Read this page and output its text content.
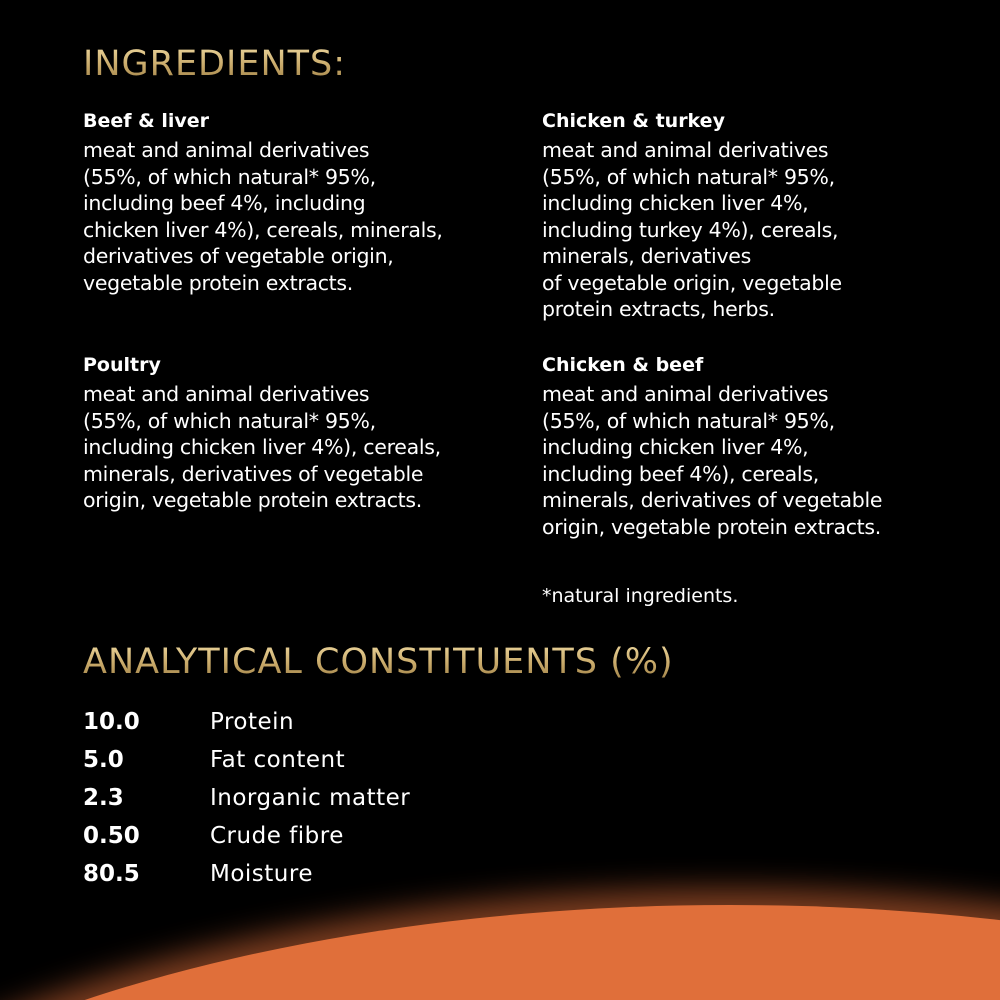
INGREDIENTS:
Beef & liver
meat and animal derivatives
(55%, of which natural* 95%,
including beef 4%, including
chicken liver 4%), cereals, minerals,
derivatives of vegetable origin,
vegetable protein extracts.
Chicken & turkey
meat and animal derivatives
(55%, of which natural* 95%,
including chicken liver 4%,
including turkey 4%), cereals,
minerals, derivatives
of vegetable origin, vegetable
protein extracts, herbs.
Poultry
meat and animal derivatives
(55%, of which natural* 95%,
including chicken liver 4%), cereals,
minerals, derivatives of vegetable
origin, vegetable protein extracts.
Chicken & beef
meat and animal derivatives
(55%, of which natural* 95%,
including chicken liver 4%,
including beef 4%), cereals,
minerals, derivatives of vegetable
origin, vegetable protein extracts.
*natural ingredients.
ANALYTICAL CONSTITUENTS (%)
10.0	Protein
5.0	Fat content
2.3	Inorganic matter
0.50	Crude fibre
80.5	Moisture
